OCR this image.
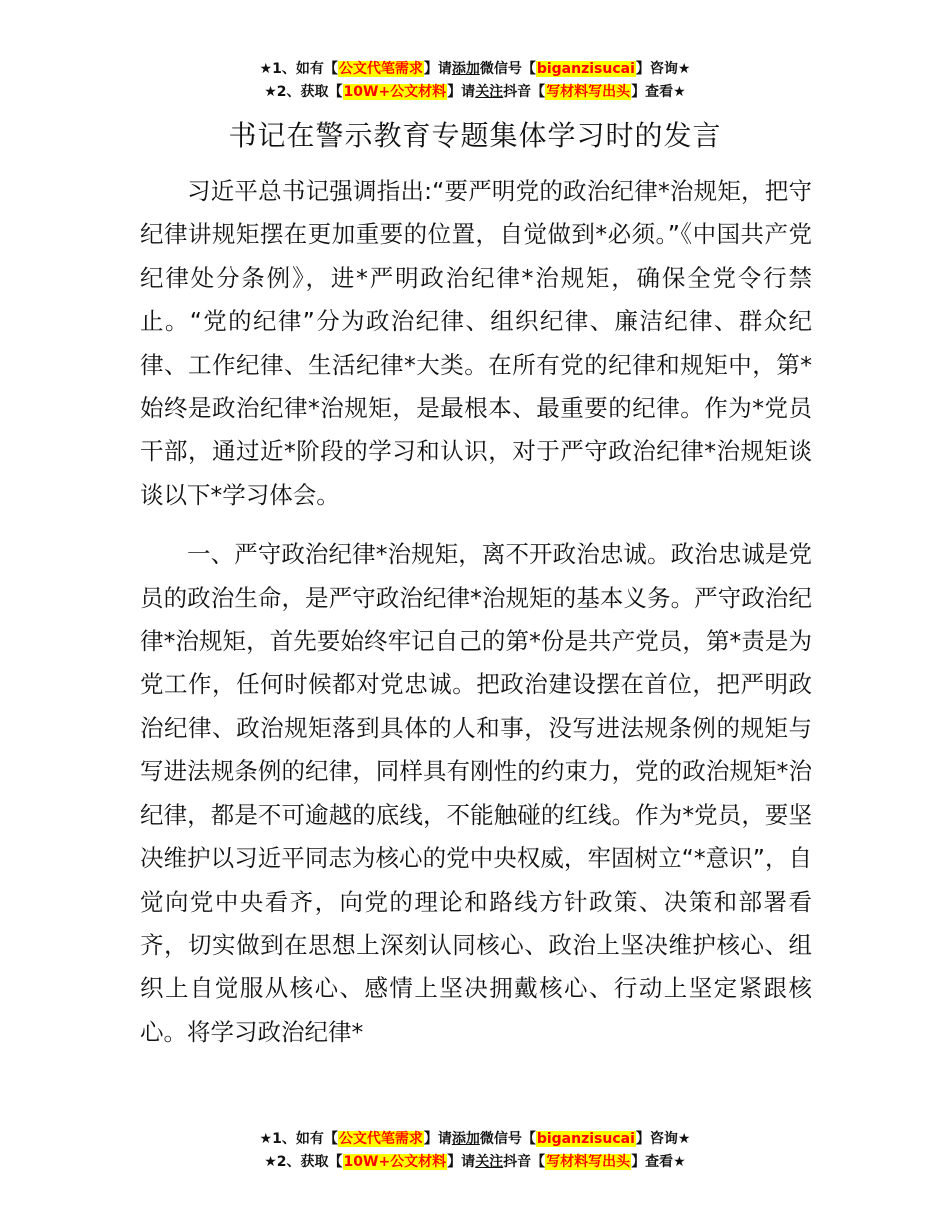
★1、如有【公文代笔需求】请添加微信号【biganzisucai】咨询★
★2、获取【10W+公文材料】请关注抖音【写材料写出头】查看★
书记在警示教育专题集体学习时的发言

习近平总书记强调指出:“要严明党的政治纪律*治规矩，把守纪律讲规矩摆在更加重要的位置，自觉做到*必须。”《中国共产党纪律处分条例》，进*严明政治纪律*治规矩，确保全党令行禁止。“党的纪律”分为政治纪律、组织纪律、廉洁纪律、群众纪律、工作纪律、生活纪律*大类。在所有党的纪律和规矩中，第*始终是政治纪律*治规矩，是最根本、最重要的纪律。作为*党员干部，通过近*阶段的学习和认识，对于严守政治纪律*治规矩谈谈以下*学习体会。

一、严守政治纪律*治规矩，离不开政治忠诚。政治忠诚是党员的政治生命，是严守政治纪律*治规矩的基本义务。严守政治纪律*治规矩，首先要始终牢记自己的第*份是共产党员，第*责是为党工作，任何时候都对党忠诚。把政治建设摆在首位，把严明政治纪律、政治规矩落到具体的人和事，没写进法规条例的规矩与写进法规条例的纪律，同样具有刚性的约束力，党的政治规矩*治纪律，都是不可逾越的底线，不能触碰的红线。作为*党员，要坚决维护以习近平同志为核心的党中央权威，牢固树立“*意识”，自觉向党中央看齐，向党的理论和路线方针政策、决策和部署看齐，切实做到在思想上深刻认同核心、政治上坚决维护核心、组织上自觉服从核心、感情上坚决拥戴核心、行动上坚定紧跟核心。将学习政治纪律*

★1、如有【公文代笔需求】请添加微信号【biganzisucai】咨询★
★2、获取【10W+公文材料】请关注抖音【写材料写出头】查看★
